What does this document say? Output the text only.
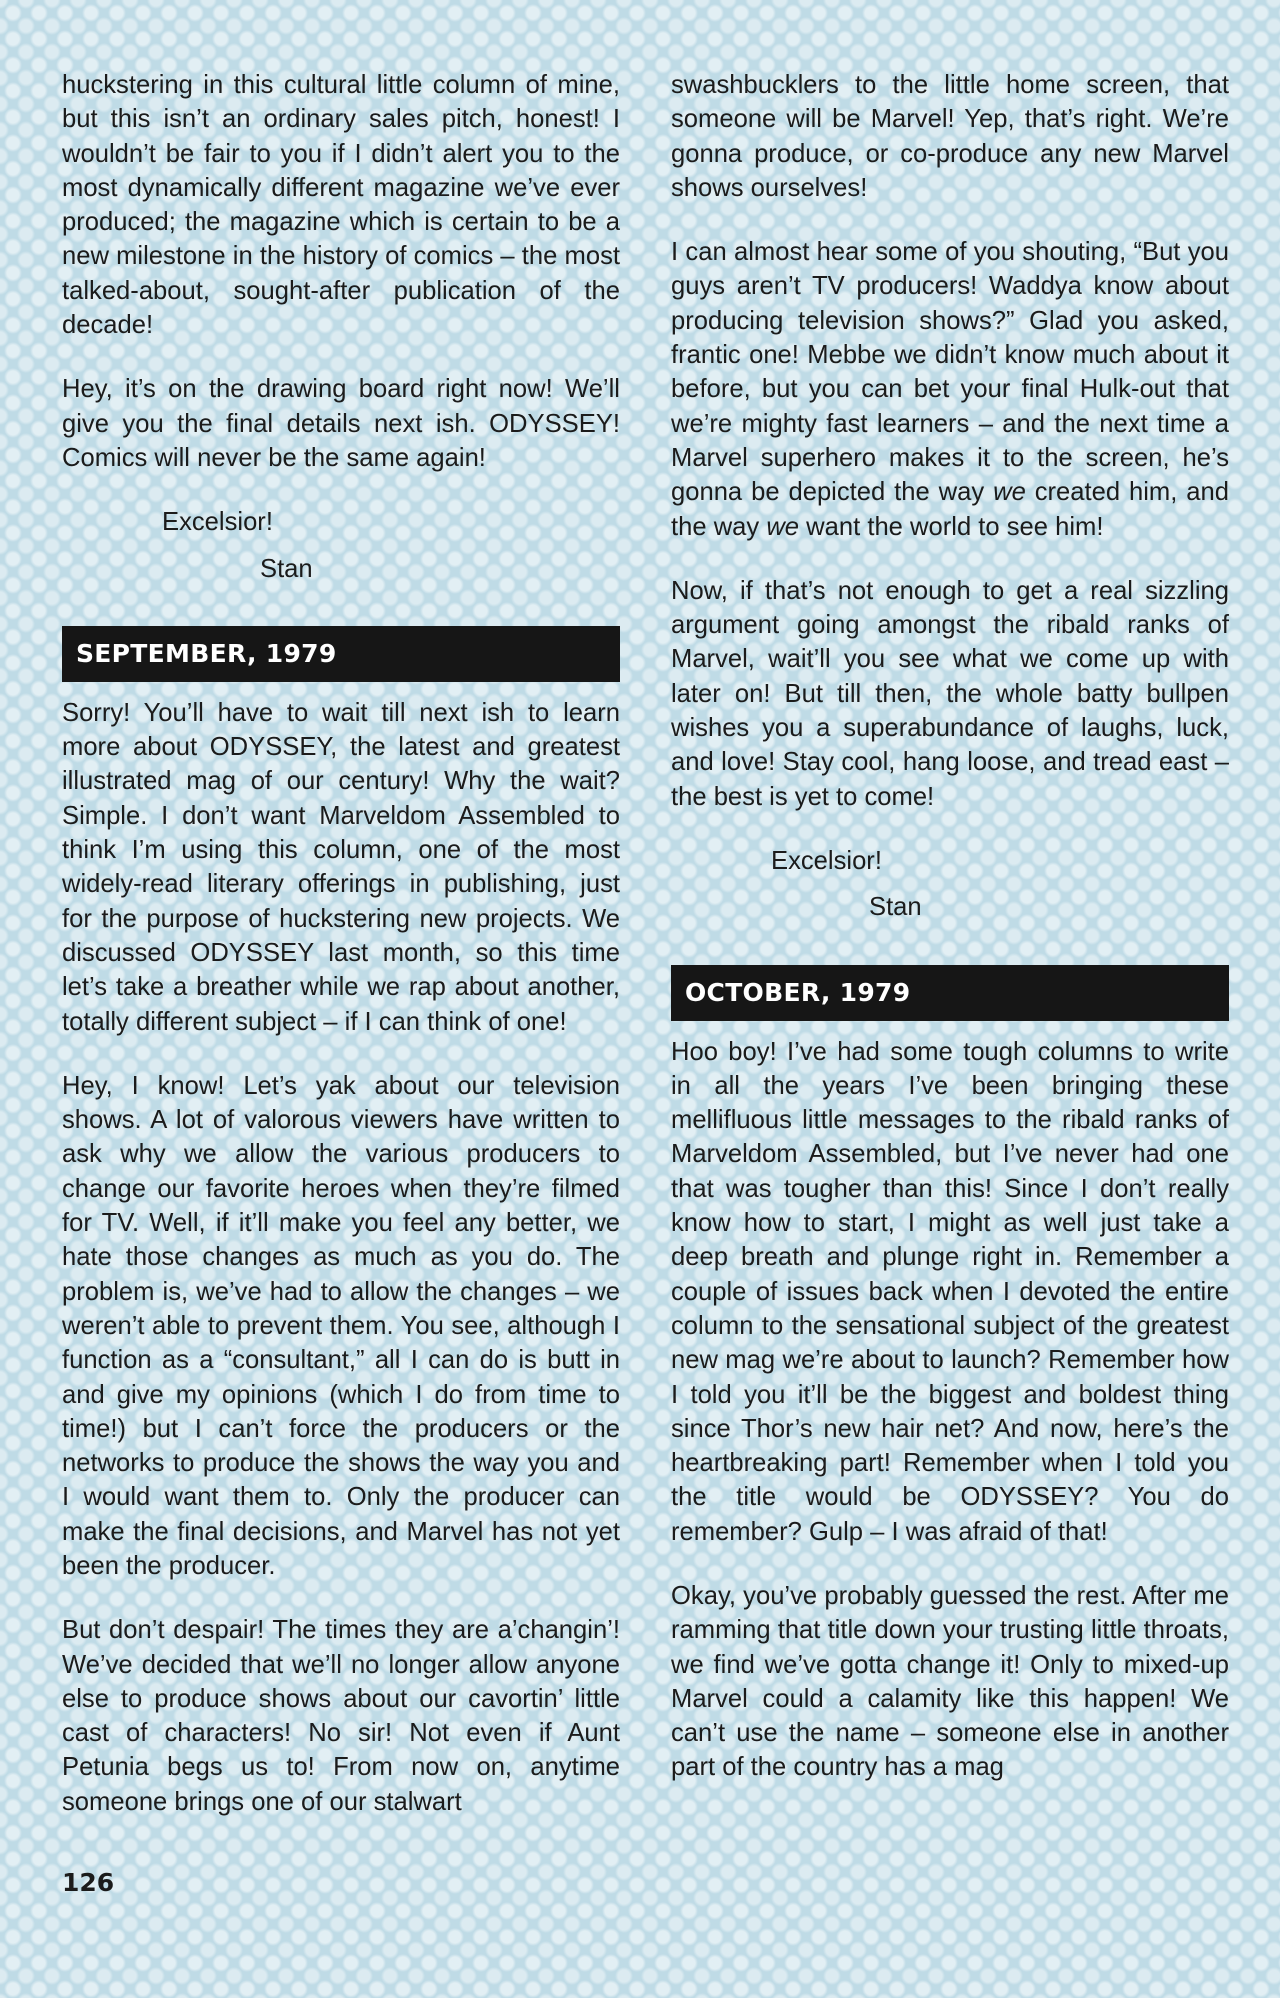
huckstering in this cultural little column of mine, but this isn’t an ordinary sales pitch, honest! I wouldn’t be fair to you if I didn’t alert you to the most dynamically different magazine we’ve ever produced; the magazine which is certain to be a new milestone in the history of comics – the most talked-about, sought-after publication of the decade!

Hey, it’s on the drawing board right now! We’ll give you the final details next ish. ODYSSEY! Comics will never be the same again!

Excelsior!
Stan
SEPTEMBER, 1979

Sorry! You’ll have to wait till next ish to learn more about ODYSSEY, the latest and greatest illustrated mag of our century! Why the wait? Simple. I don’t want Marveldom Assembled to think I’m using this column, one of the most widely-read literary offerings in publishing, just for the purpose of huckstering new projects. We discussed ODYSSEY last month, so this time let’s take a breather while we rap about another, totally different subject – if I can think of one!

Hey, I know! Let’s yak about our television shows. A lot of valorous viewers have written to ask why we allow the various producers to change our favorite heroes when they’re filmed for TV. Well, if it’ll make you feel any better, we hate those changes as much as you do. The problem is, we’ve had to allow the changes – we weren’t able to prevent them. You see, although I function as a “consultant,” all I can do is butt in and give my opinions (which I do from time to time!) but I can’t force the producers or the networks to produce the shows the way you and I would want them to. Only the producer can make the final decisions, and Marvel has not yet been the producer.

But don’t despair! The times they are a’changin’! We’ve decided that we’ll no longer allow anyone else to produce shows about our cavortin’ little cast of characters! No sir! Not even if Aunt Petunia begs us to! From now on, anytime someone brings one of our stalwart

swashbucklers to the little home screen, that someone will be Marvel! Yep, that’s right. We’re gonna produce, or co-produce any new Marvel shows ourselves!

I can almost hear some of you shouting, “But you guys aren’t TV producers! Waddya know about producing television shows?” Glad you asked, frantic one! Mebbe we didn’t know much about it before, but you can bet your final Hulk-out that we’re mighty fast learners – and the next time a Marvel superhero makes it to the screen, he’s gonna be depicted the way we created him, and the way we want the world to see him!

Now, if that’s not enough to get a real sizzling argument going amongst the ribald ranks of Marvel, wait’ll you see what we come up with later on! But till then, the whole batty bullpen wishes you a superabundance of laughs, luck, and love! Stay cool, hang loose, and tread east – the best is yet to come!

Excelsior!
Stan
OCTOBER, 1979

Hoo boy! I’ve had some tough columns to write in all the years I’ve been bringing these mellifluous little messages to the ribald ranks of Marveldom Assembled, but I’ve never had one that was tougher than this! Since I don’t really know how to start, I might as well just take a deep breath and plunge right in. Remember a couple of issues back when I devoted the entire column to the sensational subject of the greatest new mag we’re about to launch? Remember how I told you it’ll be the biggest and boldest thing since Thor’s new hair net? And now, here’s the heartbreaking part! Remember when I told you the title would be ODYSSEY? You do remember? Gulp – I was afraid of that!

Okay, you’ve probably guessed the rest. After me ramming that title down your trusting little throats, we find we’ve gotta change it! Only to mixed-up Marvel could a calamity like this happen! We can’t use the name – someone else in another part of the country has a mag

126
